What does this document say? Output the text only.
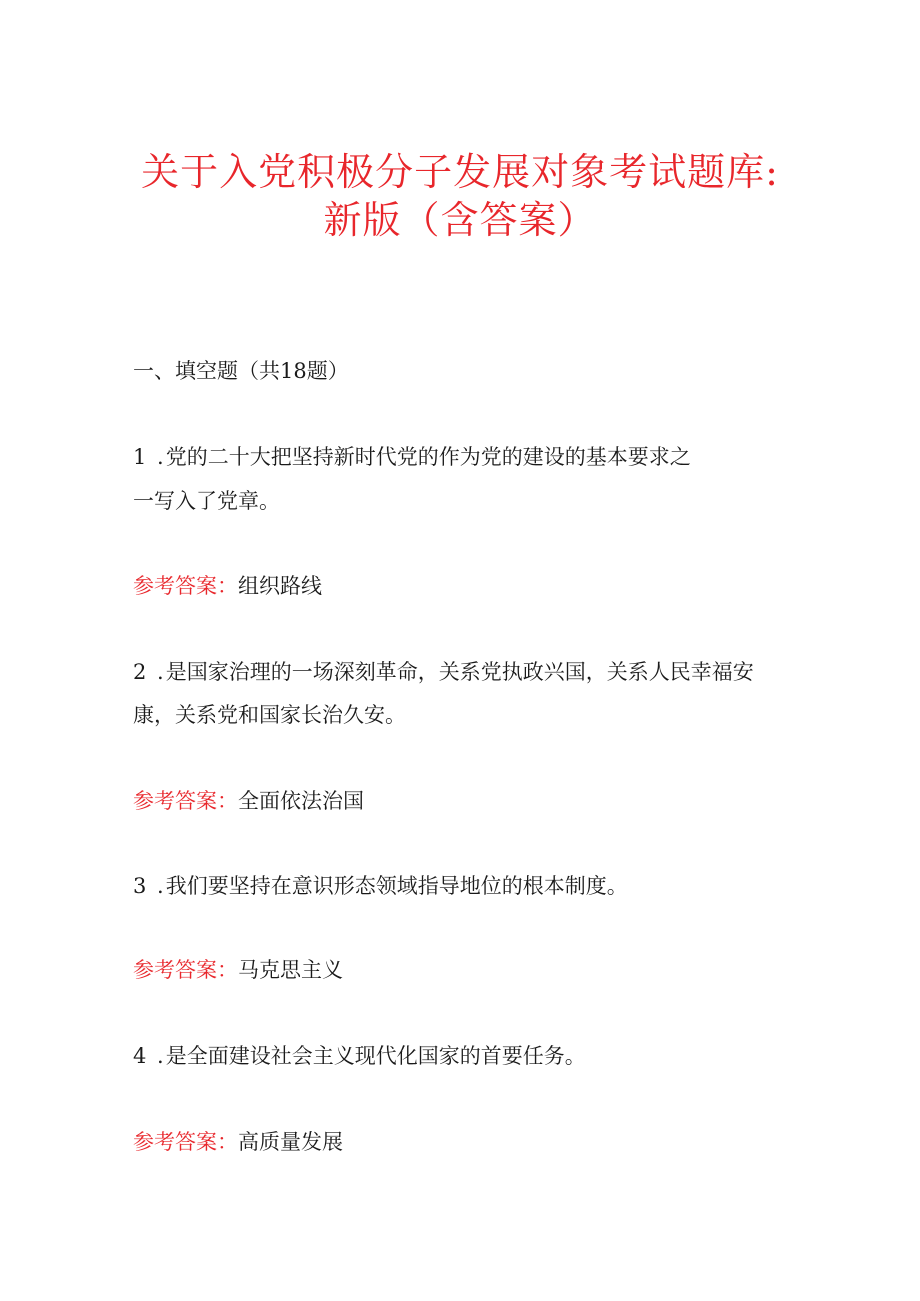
关于入党积极分子发展对象考试题库:
新版（含答案）
一、填空题（共18题）
1 .党的二十大把坚持新时代党的作为党的建设的基本要求之
一写入了党章。
参考答案：组织路线
2 .是国家治理的一场深刻革命，关系党执政兴国，关系人民幸福安
康，关系党和国家长治久安。
参考答案：全面依法治国
3 .我们要坚持在意识形态领域指导地位的根本制度。
参考答案：马克思主义
4 .是全面建设社会主义现代化国家的首要任务。
参考答案：高质量发展
